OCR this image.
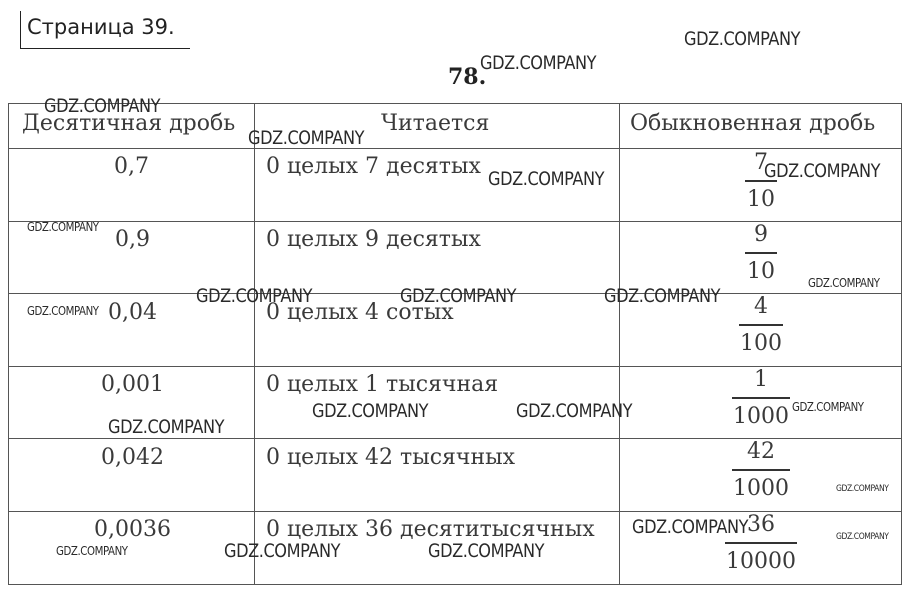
Страница 39.
78.
Десятичная дробь	Читается	Обыкновенная дробь
0,7	0 целых 7 десятых	7
10
0,9	0 целых 9 десятых	9
10
0,04	0 целых 4 сотых	4
100
0,001	0 целых 1 тысячная	1
1000
0,042	0 целых 42 тысячных	42
1000
0,0036	0 целых 36 десятитысячных	36
10000
GDZ.COMPANY
GDZ.COMPANY
GDZ.COMPANY
GDZ.COMPANY
GDZ.COMPANY	GDZ.COMPANY
GDZ.COMPANY
GDZ.COMPANY
GDZ.COMPANY	GDZ.COMPANY	GDZ.COMPANY
GDZ.COMPANY
GDZ.COMPANY	GDZ.COMPANY	GDZ.COMPANY
GDZ.COMPANY
GDZ.COMPANY
GDZ.COMPANY	GDZ.COMPANY
GDZ.COMPANY	GDZ.COMPANY	GDZ.COMPANY
